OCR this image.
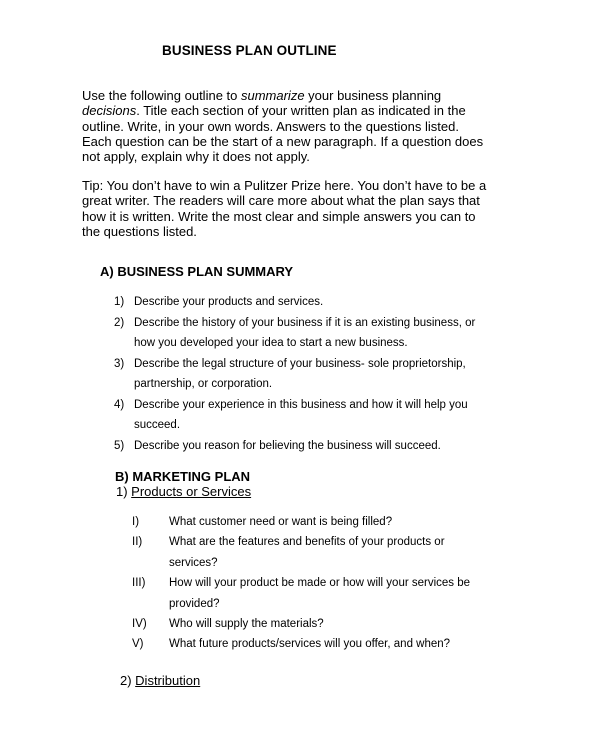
BUSINESS PLAN OUTLINE

Use the following outline to summarize your business planning

decisions. Title each section of your written plan as indicated in the

outline. Write, in your own words. Answers to the questions listed.

Each question can be the start of a new paragraph. If a question does

not apply, explain why it does not apply.

Tip: You don’t have to win a Pulitzer Prize here. You don’t have to be a

great writer. The readers will care more about what the plan says that

how it is written. Write the most clear and simple answers you can to

the questions listed.

A) BUSINESS PLAN SUMMARY
1) Describe your products and services.
2) Describe the history of your business if it is an existing business, or
how you developed your idea to start a new business.
3) Describe the legal structure of your business- sole proprietorship,
partnership, or corporation.
4) Describe your experience in this business and how it will help you
succeed.
5) Describe you reason for believing the business will succeed.
B) MARKETING PLAN
1) Products or Services
I)	What customer need or want is being filled?
II) What are the features and benefits of your products or
services?
III) How will your product be made or how will your services be
provided?
IV) Who will supply the materials?
V) What future products/services will you offer, and when?
2) Distribution
